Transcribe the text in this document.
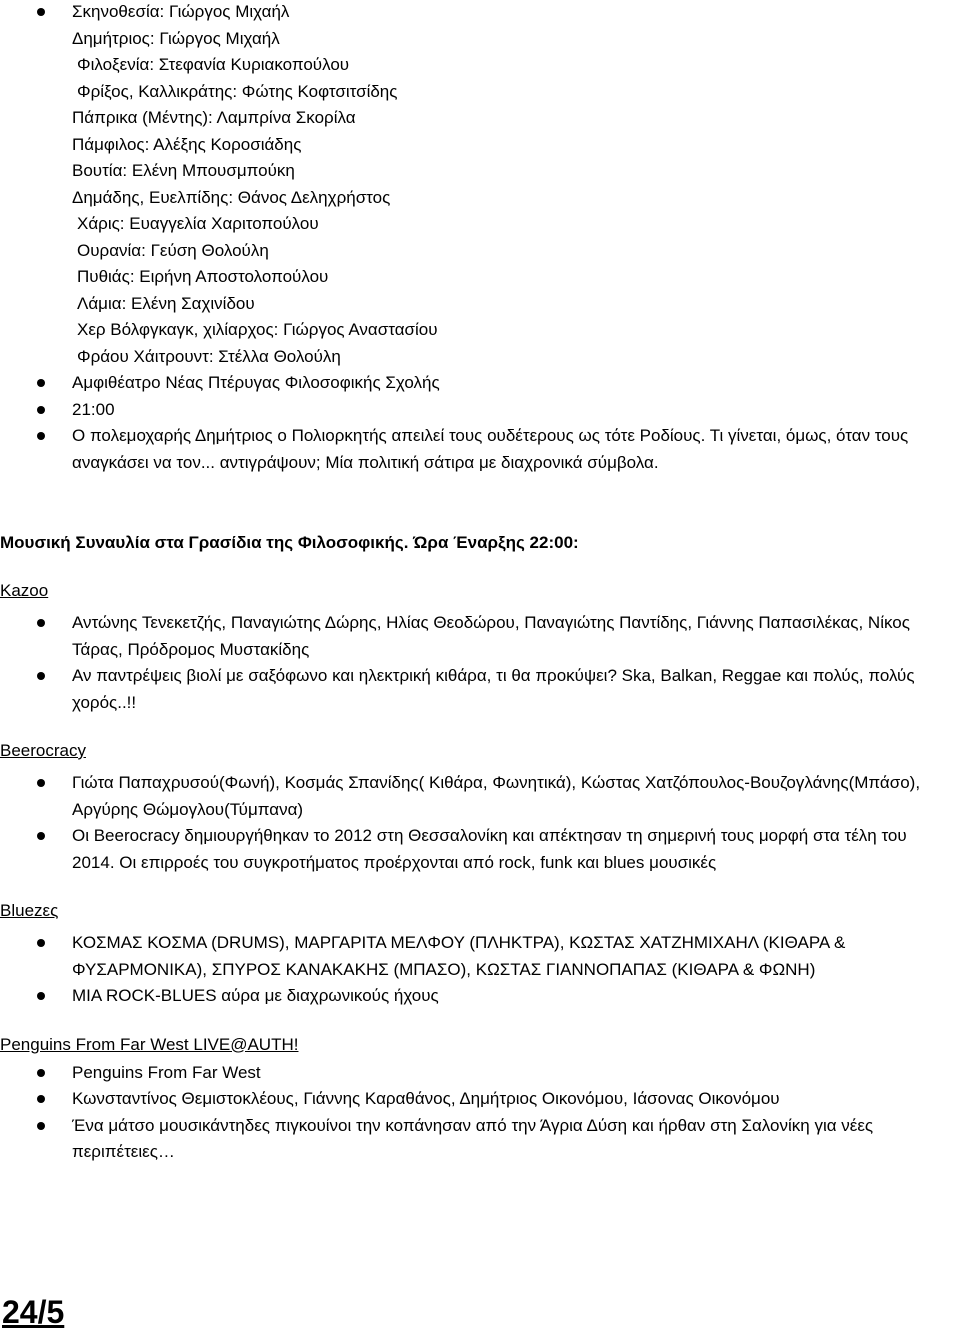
Σκηνοθεσία: Γιώργος Μιχαήλ

Δημήτριος: Γιώργος Μιχαήλ

Φιλοξενία: Στεφανία Κυριακοπούλου

Φρίξος, Καλλικράτης: Φώτης Κοφτσιτσίδης

Πάπρικα (Μέντης): Λαμπρίνα Σκορίλα

Πάμφιλος: Αλέξης Κοροσιάδης

Βουτία: Ελένη Μπουσμπούκη

Δημάδης, Ευελπίδης: Θάνος Δεληχρήστος

Χάρις: Ευαγγελία Χαριτοπούλου

Ουρανία: Γεύση Θολούλη

Πυθιάς: Ειρήνη Αποστολοπούλου

Λάμια: Ελένη Σαχινίδου

Χερ Βόλφγκαγκ, χιλίαρχος: Γιώργος Αναστασίου

Φράου Χάιτρουντ: Στέλλα Θολούλη

Αμφιθέατρο Νέας Πτέρυγας Φιλοσοφικής Σχολής

21:00

Ο πολεμοχαρής Δημήτριος ο Πολιορκητής απειλεί τους ουδέτερους ως τότε Ροδίους. Τι γίνεται, όμως, όταν τους αναγκάσει να τον... αντιγράψουν; Μία πολιτική σάτιρα με διαχρονικά σύμβολα.

Μουσική Συναυλία στα Γρασίδια της Φιλοσοφικής. Ώρα Έναρξης 22:00:

Kazoo

Αντώνης Τενεκετζής, Παναγιώτης Δώρης, Ηλίας Θεοδώρου, Παναγιώτης Παντίδης, Γιάννης Παπασιλέκας, Νίκος Τάρας, Πρόδρομος Μυστακίδης

Αν παντρέψεις βιολί με σαξόφωνο και ηλεκτρική κιθάρα, τι θα προκύψει? Ska, Balkan, Reggae και πολύς, πολύς χορός..!!

Beerocracy

Γιώτα Παπαχρυσού(Φωνή), Κοσμάς Σπανίδης( Κιθάρα, Φωνητικά), Κώστας Χατζόπουλος-Βουζογλάνης(Μπάσο), Αργύρης Θώμογλου(Τύμπανα)

Οι Beerocracy δημιουργήθηκαν το 2012 στη Θεσσαλονίκη και απέκτησαν τη σημερινή τους μορφή στα τέλη του 2014. Οι επιρροές του συγκροτήματος προέρχονται από rock, funk και blues μουσικές

Bluezες

ΚΟΣΜΑΣ ΚΟΣΜΑ (DRUMS), ΜΑΡΓΑΡΙΤΑ ΜΕΛΦΟΥ (ΠΛΗΚΤΡΑ), ΚΩΣΤΑΣ ΧΑΤΖΗΜΙΧΑΗΛ (ΚΙΘΑΡΑ & ΦΥΣΑΡΜΟΝΙΚΑ), ΣΠΥΡΟΣ ΚΑΝΑΚΑΚΗΣ (ΜΠΑΣΟ), ΚΩΣΤΑΣ ΓΙΑΝΝΟΠΑΠΑΣ (ΚΙΘΑΡΑ & ΦΩΝΗ)

ΜΙΑ ROCK-BLUES αύρα με διαχρωνικούς ήχους

Penguins From Far West LIVE@AUTH!

Penguins From Far West

Κωνσταντίνος Θεμιστοκλέους, Γιάννης Καραθάνος, Δημήτριος Οικονόμου, Ιάσονας Οικονόμου

Ένα μάτσο μουσικάντηδες πιγκουίνοι την κοπάνησαν από την Άγρια Δύση και ήρθαν στη Σαλονίκη για νέες περιπέτειες…

24/5
